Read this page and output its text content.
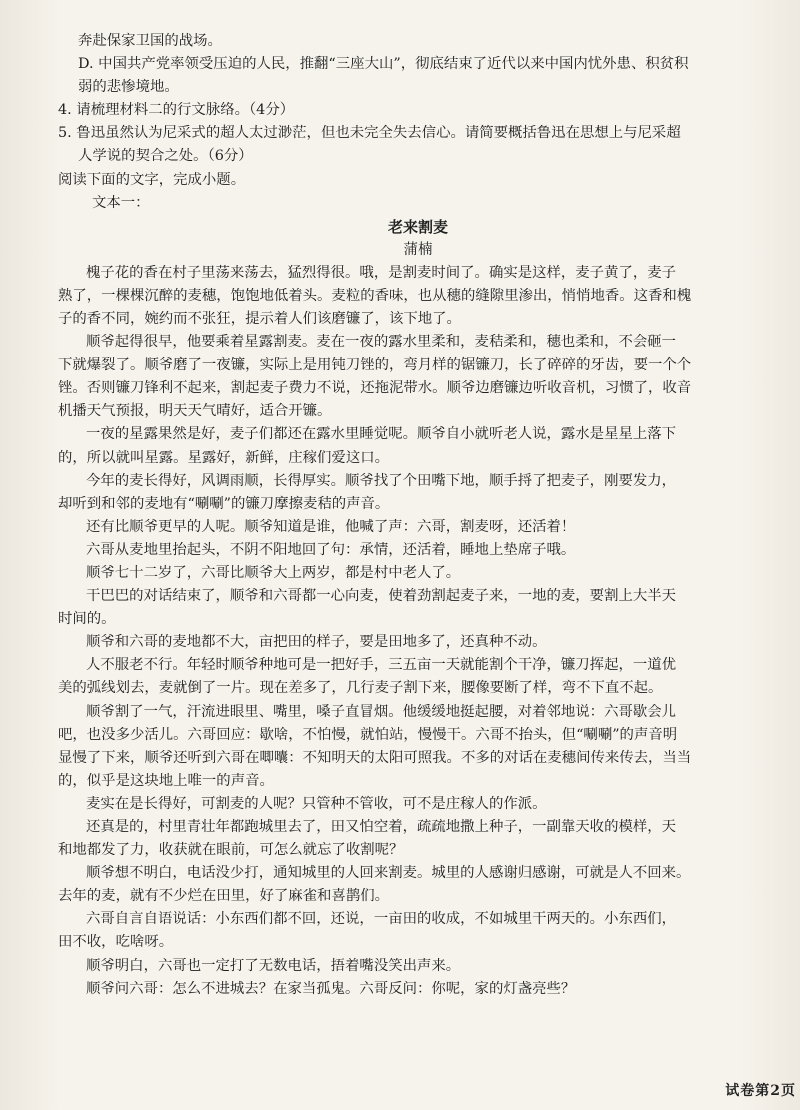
奔赴保家卫国的战场。
D. 中国共产党率领受压迫的人民，推翻“三座大山”，彻底结束了近代以来中国内忧外患、积贫积
弱的悲惨境地。
4. 请梳理材料二的行文脉络。（4分）
5. 鲁迅虽然认为尼采式的超人太过渺茫，但也未完全失去信心。请简要概括鲁迅在思想上与尼采超
人学说的契合之处。（6分）
阅读下面的文字，完成小题。
文本一：
老来割麦
蒲楠
槐子花的香在村子里荡来荡去，猛烈得很。哦，是割麦时间了。确实是这样，麦子黄了，麦子
熟了，一棵棵沉醉的麦穗，饱饱地低着头。麦粒的香味，也从穗的缝隙里渗出，悄悄地香。这香和槐
子的香不同，婉约而不张狂，提示着人们该磨镰了，该下地了。
顺爷起得很早，他要乘着星露割麦。麦在一夜的露水里柔和，麦秸柔和，穗也柔和，不会砸一
下就爆裂了。顺爷磨了一夜镰，实际上是用钝刀锉的，弯月样的锯镰刀，长了碎碎的牙齿，要一个个
锉。否则镰刀锋利不起来，割起麦子费力不说，还拖泥带水。顺爷边磨镰边听收音机，习惯了，收音
机播天气预报，明天天气晴好，适合开镰。
一夜的星露果然是好，麦子们都还在露水里睡觉呢。顺爷自小就听老人说，露水是星星上落下
的，所以就叫星露。星露好，新鲜，庄稼们爱这口。
今年的麦长得好，风调雨顺，长得厚实。顺爷找了个田嘴下地，顺手捋了把麦子，刚要发力，
却听到和邻的麦地有“唰唰”的镰刀摩擦麦秸的声音。
还有比顺爷更早的人呢。顺爷知道是谁，他喊了声：六哥，割麦呀，还活着！
六哥从麦地里抬起头，不阴不阳地回了句：承情，还活着，睡地上垫席子哦。
顺爷七十二岁了，六哥比顺爷大上两岁，都是村中老人了。
干巴巴的对话结束了，顺爷和六哥都一心向麦，使着劲割起麦子来，一地的麦，要割上大半天
时间的。
顺爷和六哥的麦地都不大，亩把田的样子，要是田地多了，还真种不动。
人不服老不行。年轻时顺爷种地可是一把好手，三五亩一天就能割个干净，镰刀挥起，一道优
美的弧线划去，麦就倒了一片。现在差多了，几行麦子割下来，腰像要断了样，弯不下直不起。
顺爷割了一气，汗流进眼里、嘴里，嗓子直冒烟。他缓缓地挺起腰，对着邻地说：六哥歇会儿
吧，也没多少活儿。六哥回应：歇啥，不怕慢，就怕站，慢慢干。六哥不抬头，但“唰唰”的声音明
显慢了下来，顺爷还听到六哥在唧囔：不知明天的太阳可照我。不多的对话在麦穗间传来传去，当当
的，似乎是这块地上唯一的声音。
麦实在是长得好，可割麦的人呢？只管种不管收，可不是庄稼人的作派。
还真是的，村里青壮年都跑城里去了，田又怕空着，疏疏地撒上种子，一副靠天收的模样，天
和地都发了力，收获就在眼前，可怎么就忘了收割呢？
顺爷想不明白，电话没少打，通知城里的人回来割麦。城里的人感谢归感谢，可就是人不回来。
去年的麦，就有不少烂在田里，好了麻雀和喜鹊们。
六哥自言自语说话：小东西们都不回，还说，一亩田的收成，不如城里干两天的。小东西们，
田不收，吃啥呀。
顺爷明白，六哥也一定打了无数电话，捂着嘴没笑出声来。
顺爷问六哥：怎么不进城去？在家当孤鬼。六哥反问：你呢，家的灯盏亮些？
试卷第2页
